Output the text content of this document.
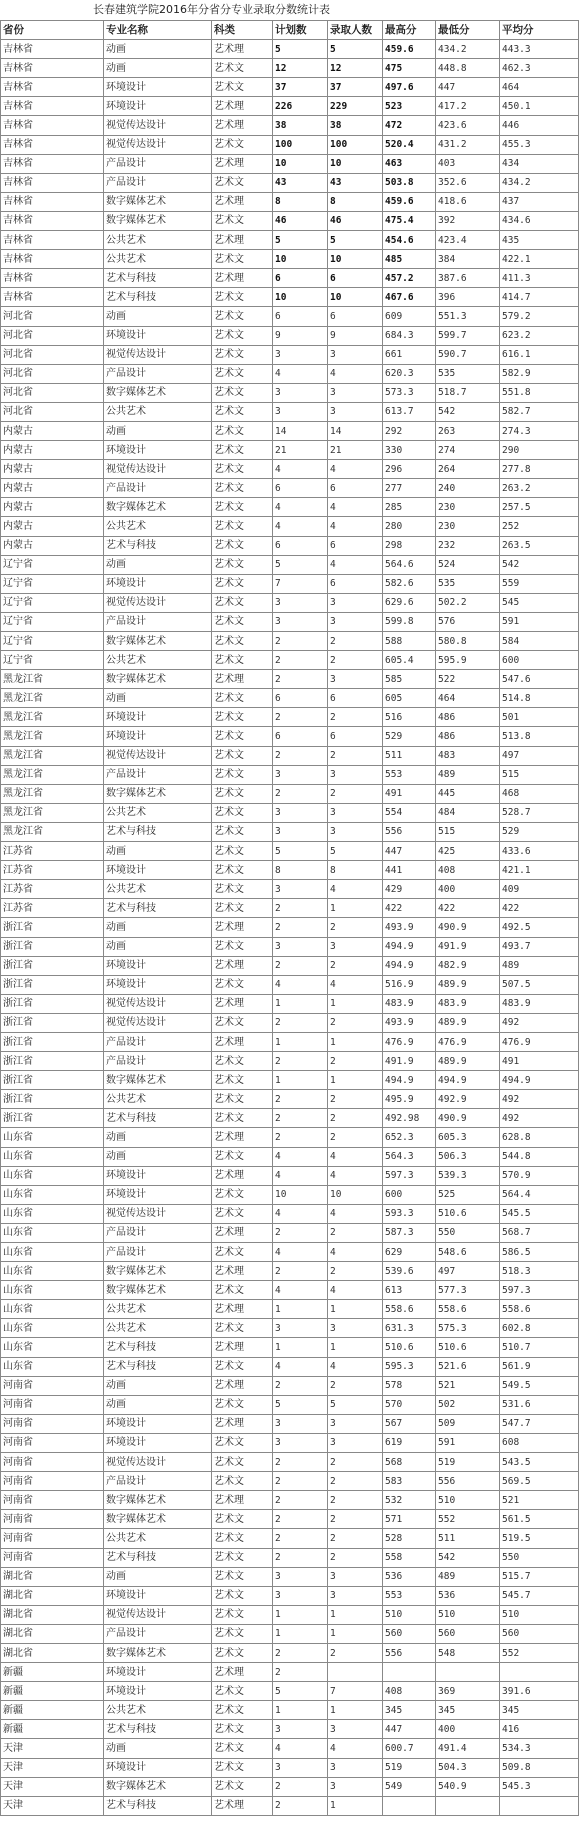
长春建筑学院2016年分省分专业录取分数统计表
省份	专业名称	科类	计划数	录取人数	最高分	最低分	平均分
吉林省	动画	艺术理	5	5	459.6	434.2	443.3
吉林省	动画	艺术文	12	12	475	448.8	462.3
吉林省	环境设计	艺术文	37	37	497.6	447	464
吉林省	环境设计	艺术理	226	229	523	417.2	450.1
吉林省	视觉传达设计	艺术理	38	38	472	423.6	446
吉林省	视觉传达设计	艺术文	100	100	520.4	431.2	455.3
吉林省	产品设计	艺术理	10	10	463	403	434
吉林省	产品设计	艺术文	43	43	503.8	352.6	434.2
吉林省	数字媒体艺术	艺术理	8	8	459.6	418.6	437
吉林省	数字媒体艺术	艺术文	46	46	475.4	392	434.6
吉林省	公共艺术	艺术理	5	5	454.6	423.4	435
吉林省	公共艺术	艺术文	10	10	485	384	422.1
吉林省	艺术与科技	艺术理	6	6	457.2	387.6	411.3
吉林省	艺术与科技	艺术文	10	10	467.6	396	414.7
河北省	动画	艺术文	6	6	609	551.3	579.2
河北省	环境设计	艺术文	9	9	684.3	599.7	623.2
河北省	视觉传达设计	艺术文	3	3	661	590.7	616.1
河北省	产品设计	艺术文	4	4	620.3	535	582.9
河北省	数字媒体艺术	艺术文	3	3	573.3	518.7	551.8
河北省	公共艺术	艺术文	3	3	613.7	542	582.7
内蒙古	动画	艺术文	14	14	292	263	274.3
内蒙古	环境设计	艺术文	21	21	330	274	290
内蒙古	视觉传达设计	艺术文	4	4	296	264	277.8
内蒙古	产品设计	艺术文	6	6	277	240	263.2
内蒙古	数字媒体艺术	艺术文	4	4	285	230	257.5
内蒙古	公共艺术	艺术文	4	4	280	230	252
内蒙古	艺术与科技	艺术文	6	6	298	232	263.5
辽宁省	动画	艺术文	5	4	564.6	524	542
辽宁省	环境设计	艺术文	7	6	582.6	535	559
辽宁省	视觉传达设计	艺术文	3	3	629.6	502.2	545
辽宁省	产品设计	艺术文	3	3	599.8	576	591
辽宁省	数字媒体艺术	艺术文	2	2	588	580.8	584
辽宁省	公共艺术	艺术文	2	2	605.4	595.9	600
黑龙江省	数字媒体艺术	艺术理	2	3	585	522	547.6
黑龙江省	动画	艺术文	6	6	605	464	514.8
黑龙江省	环境设计	艺术文	2	2	516	486	501
黑龙江省	环境设计	艺术文	6	6	529	486	513.8
黑龙江省	视觉传达设计	艺术文	2	2	511	483	497
黑龙江省	产品设计	艺术文	3	3	553	489	515
黑龙江省	数字媒体艺术	艺术文	2	2	491	445	468
黑龙江省	公共艺术	艺术文	3	3	554	484	528.7
黑龙江省	艺术与科技	艺术文	3	3	556	515	529
江苏省	动画	艺术文	5	5	447	425	433.6
江苏省	环境设计	艺术文	8	8	441	408	421.1
江苏省	公共艺术	艺术文	3	4	429	400	409
江苏省	艺术与科技	艺术文	2	1	422	422	422
浙江省	动画	艺术理	2	2	493.9	490.9	492.5
浙江省	动画	艺术文	3	3	494.9	491.9	493.7
浙江省	环境设计	艺术理	2	2	494.9	482.9	489
浙江省	环境设计	艺术文	4	4	516.9	489.9	507.5
浙江省	视觉传达设计	艺术理	1	1	483.9	483.9	483.9
浙江省	视觉传达设计	艺术文	2	2	493.9	489.9	492
浙江省	产品设计	艺术理	1	1	476.9	476.9	476.9
浙江省	产品设计	艺术文	2	2	491.9	489.9	491
浙江省	数字媒体艺术	艺术文	1	1	494.9	494.9	494.9
浙江省	公共艺术	艺术文	2	2	495.9	492.9	492
浙江省	艺术与科技	艺术文	2	2	492.98	490.9	492
山东省	动画	艺术理	2	2	652.3	605.3	628.8
山东省	动画	艺术文	4	4	564.3	506.3	544.8
山东省	环境设计	艺术理	4	4	597.3	539.3	570.9
山东省	环境设计	艺术文	10	10	600	525	564.4
山东省	视觉传达设计	艺术文	4	4	593.3	510.6	545.5
山东省	产品设计	艺术理	2	2	587.3	550	568.7
山东省	产品设计	艺术文	4	4	629	548.6	586.5
山东省	数字媒体艺术	艺术理	2	2	539.6	497	518.3
山东省	数字媒体艺术	艺术文	4	4	613	577.3	597.3
山东省	公共艺术	艺术理	1	1	558.6	558.6	558.6
山东省	公共艺术	艺术文	3	3	631.3	575.3	602.8
山东省	艺术与科技	艺术理	1	1	510.6	510.6	510.7
山东省	艺术与科技	艺术文	4	4	595.3	521.6	561.9
河南省	动画	艺术理	2	2	578	521	549.5
河南省	动画	艺术文	5	5	570	502	531.6
河南省	环境设计	艺术理	3	3	567	509	547.7
河南省	环境设计	艺术文	3	3	619	591	608
河南省	视觉传达设计	艺术文	2	2	568	519	543.5
河南省	产品设计	艺术文	2	2	583	556	569.5
河南省	数字媒体艺术	艺术理	2	2	532	510	521
河南省	数字媒体艺术	艺术文	2	2	571	552	561.5
河南省	公共艺术	艺术文	2	2	528	511	519.5
河南省	艺术与科技	艺术文	2	2	558	542	550
湖北省	动画	艺术文	3	3	536	489	515.7
湖北省	环境设计	艺术文	3	3	553	536	545.7
湖北省	视觉传达设计	艺术文	1	1	510	510	510
湖北省	产品设计	艺术文	1	1	560	560	560
湖北省	数字媒体艺术	艺术文	2	2	556	548	552
新疆	环境设计	艺术理	2				
新疆	环境设计	艺术文	5	7	408	369	391.6
新疆	公共艺术	艺术文	1	1	345	345	345
新疆	艺术与科技	艺术文	3	3	447	400	416
天津	动画	艺术文	4	4	600.7	491.4	534.3
天津	环境设计	艺术文	3	3	519	504.3	509.8
天津	数字媒体艺术	艺术文	2	3	549	540.9	545.3
天津	艺术与科技	艺术理	2	1			
